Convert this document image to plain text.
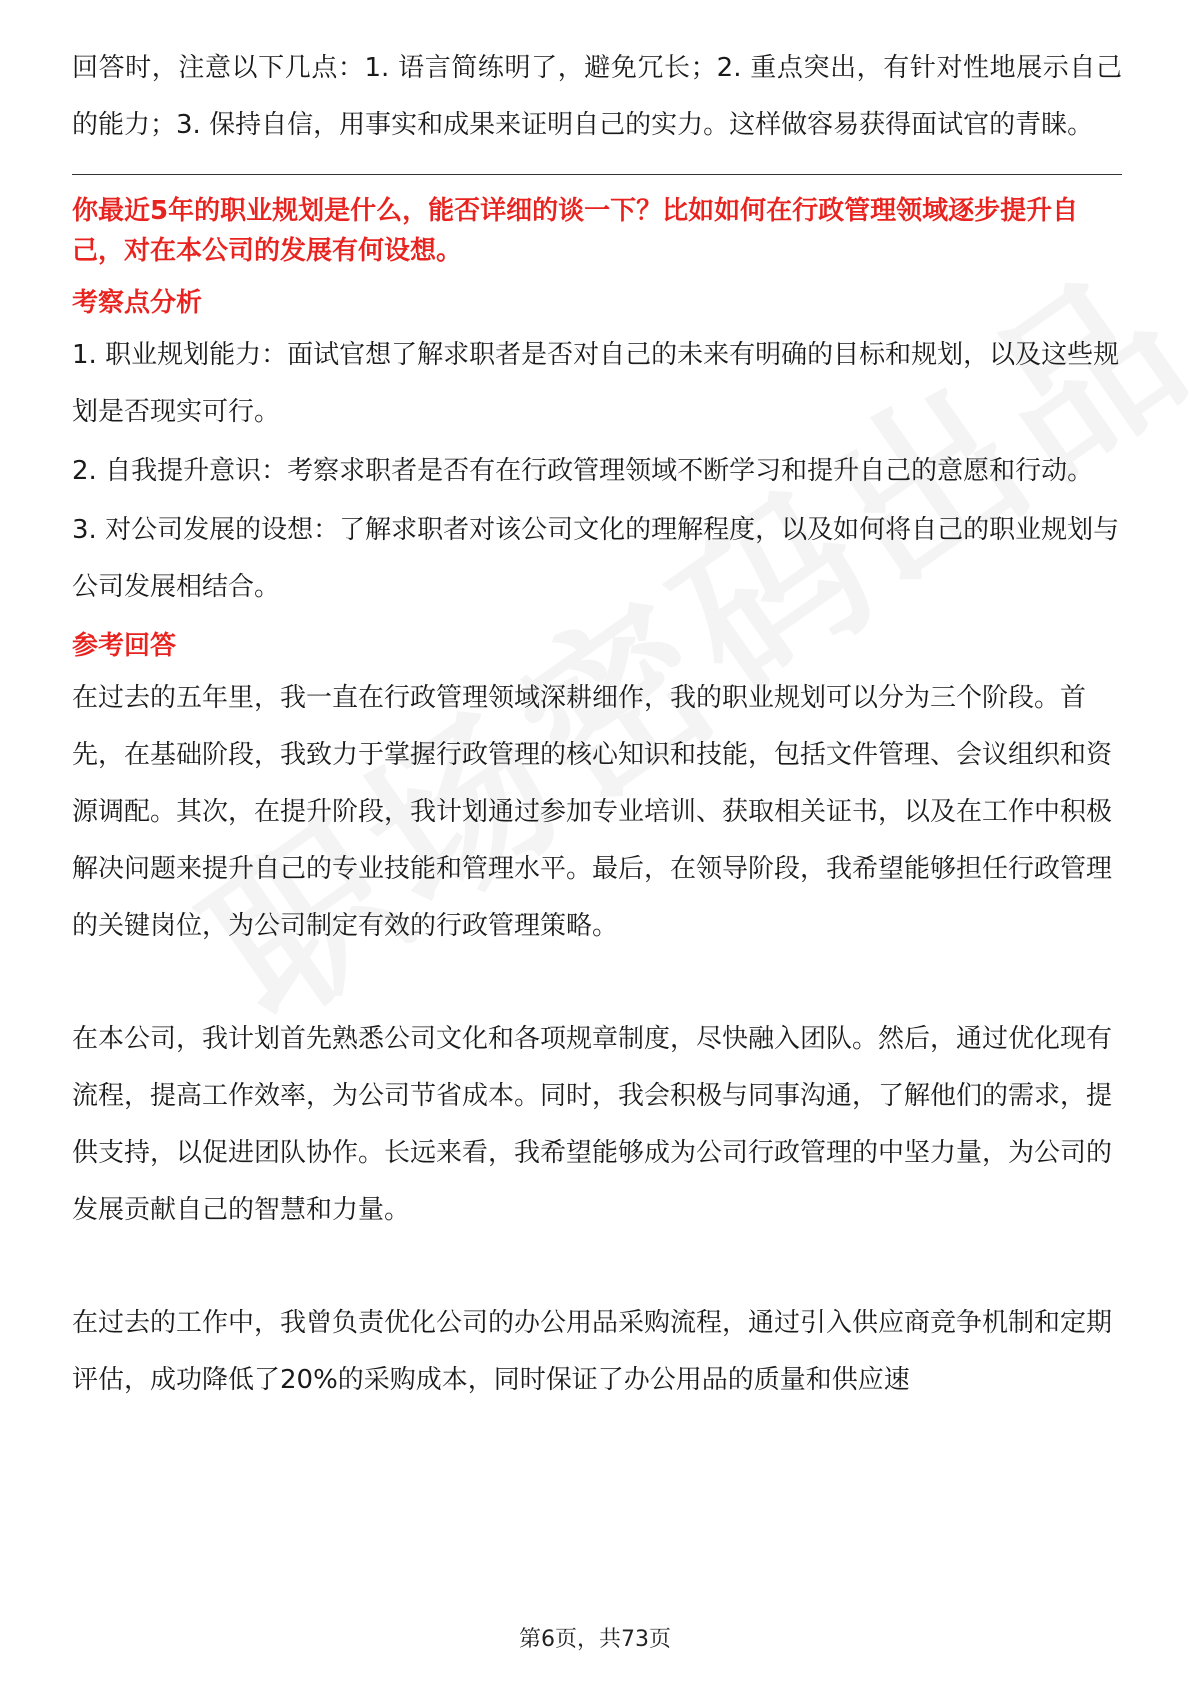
回答时，注意以下几点：1. 语言简练明了，避免冗长；2. 重点突出，有针对性地展示自己的能力；3. 保持自信，用事实和成果来证明自己的实力。这样做容易获得面试官的青睐。

你最近5年的职业规划是什么，能否详细的谈一下？比如如何在行政管理领域逐步提升自己，对在本公司的发展有何设想。

考察点分析

1. 职业规划能力：面试官想了解求职者是否对自己的未来有明确的目标和规划，以及这些规划是否现实可行。

2. 自我提升意识：考察求职者是否有在行政管理领域不断学习和提升自己的意愿和行动。

3. 对公司发展的设想：了解求职者对该公司文化的理解程度，以及如何将自己的职业规划与公司发展相结合。

参考回答

在过去的五年里，我一直在行政管理领域深耕细作，我的职业规划可以分为三个阶段。首先，在基础阶段，我致力于掌握行政管理的核心知识和技能，包括文件管理、会议组织和资源调配。其次，在提升阶段，我计划通过参加专业培训、获取相关证书，以及在工作中积极解决问题来提升自己的专业技能和管理水平。最后，在领导阶段，我希望能够担任行政管理的关键岗位，为公司制定有效的行政管理策略。

在本公司，我计划首先熟悉公司文化和各项规章制度，尽快融入团队。然后，通过优化现有流程，提高工作效率，为公司节省成本。同时，我会积极与同事沟通，了解他们的需求，提供支持，以促进团队协作。长远来看，我希望能够成为公司行政管理的中坚力量，为公司的发展贡献自己的智慧和力量。

在过去的工作中，我曾负责优化公司的办公用品采购流程，通过引入供应商竞争机制和定期评估，成功降低了20%的采购成本，同时保证了办公用品的质量和供应速

第6页，共73页
